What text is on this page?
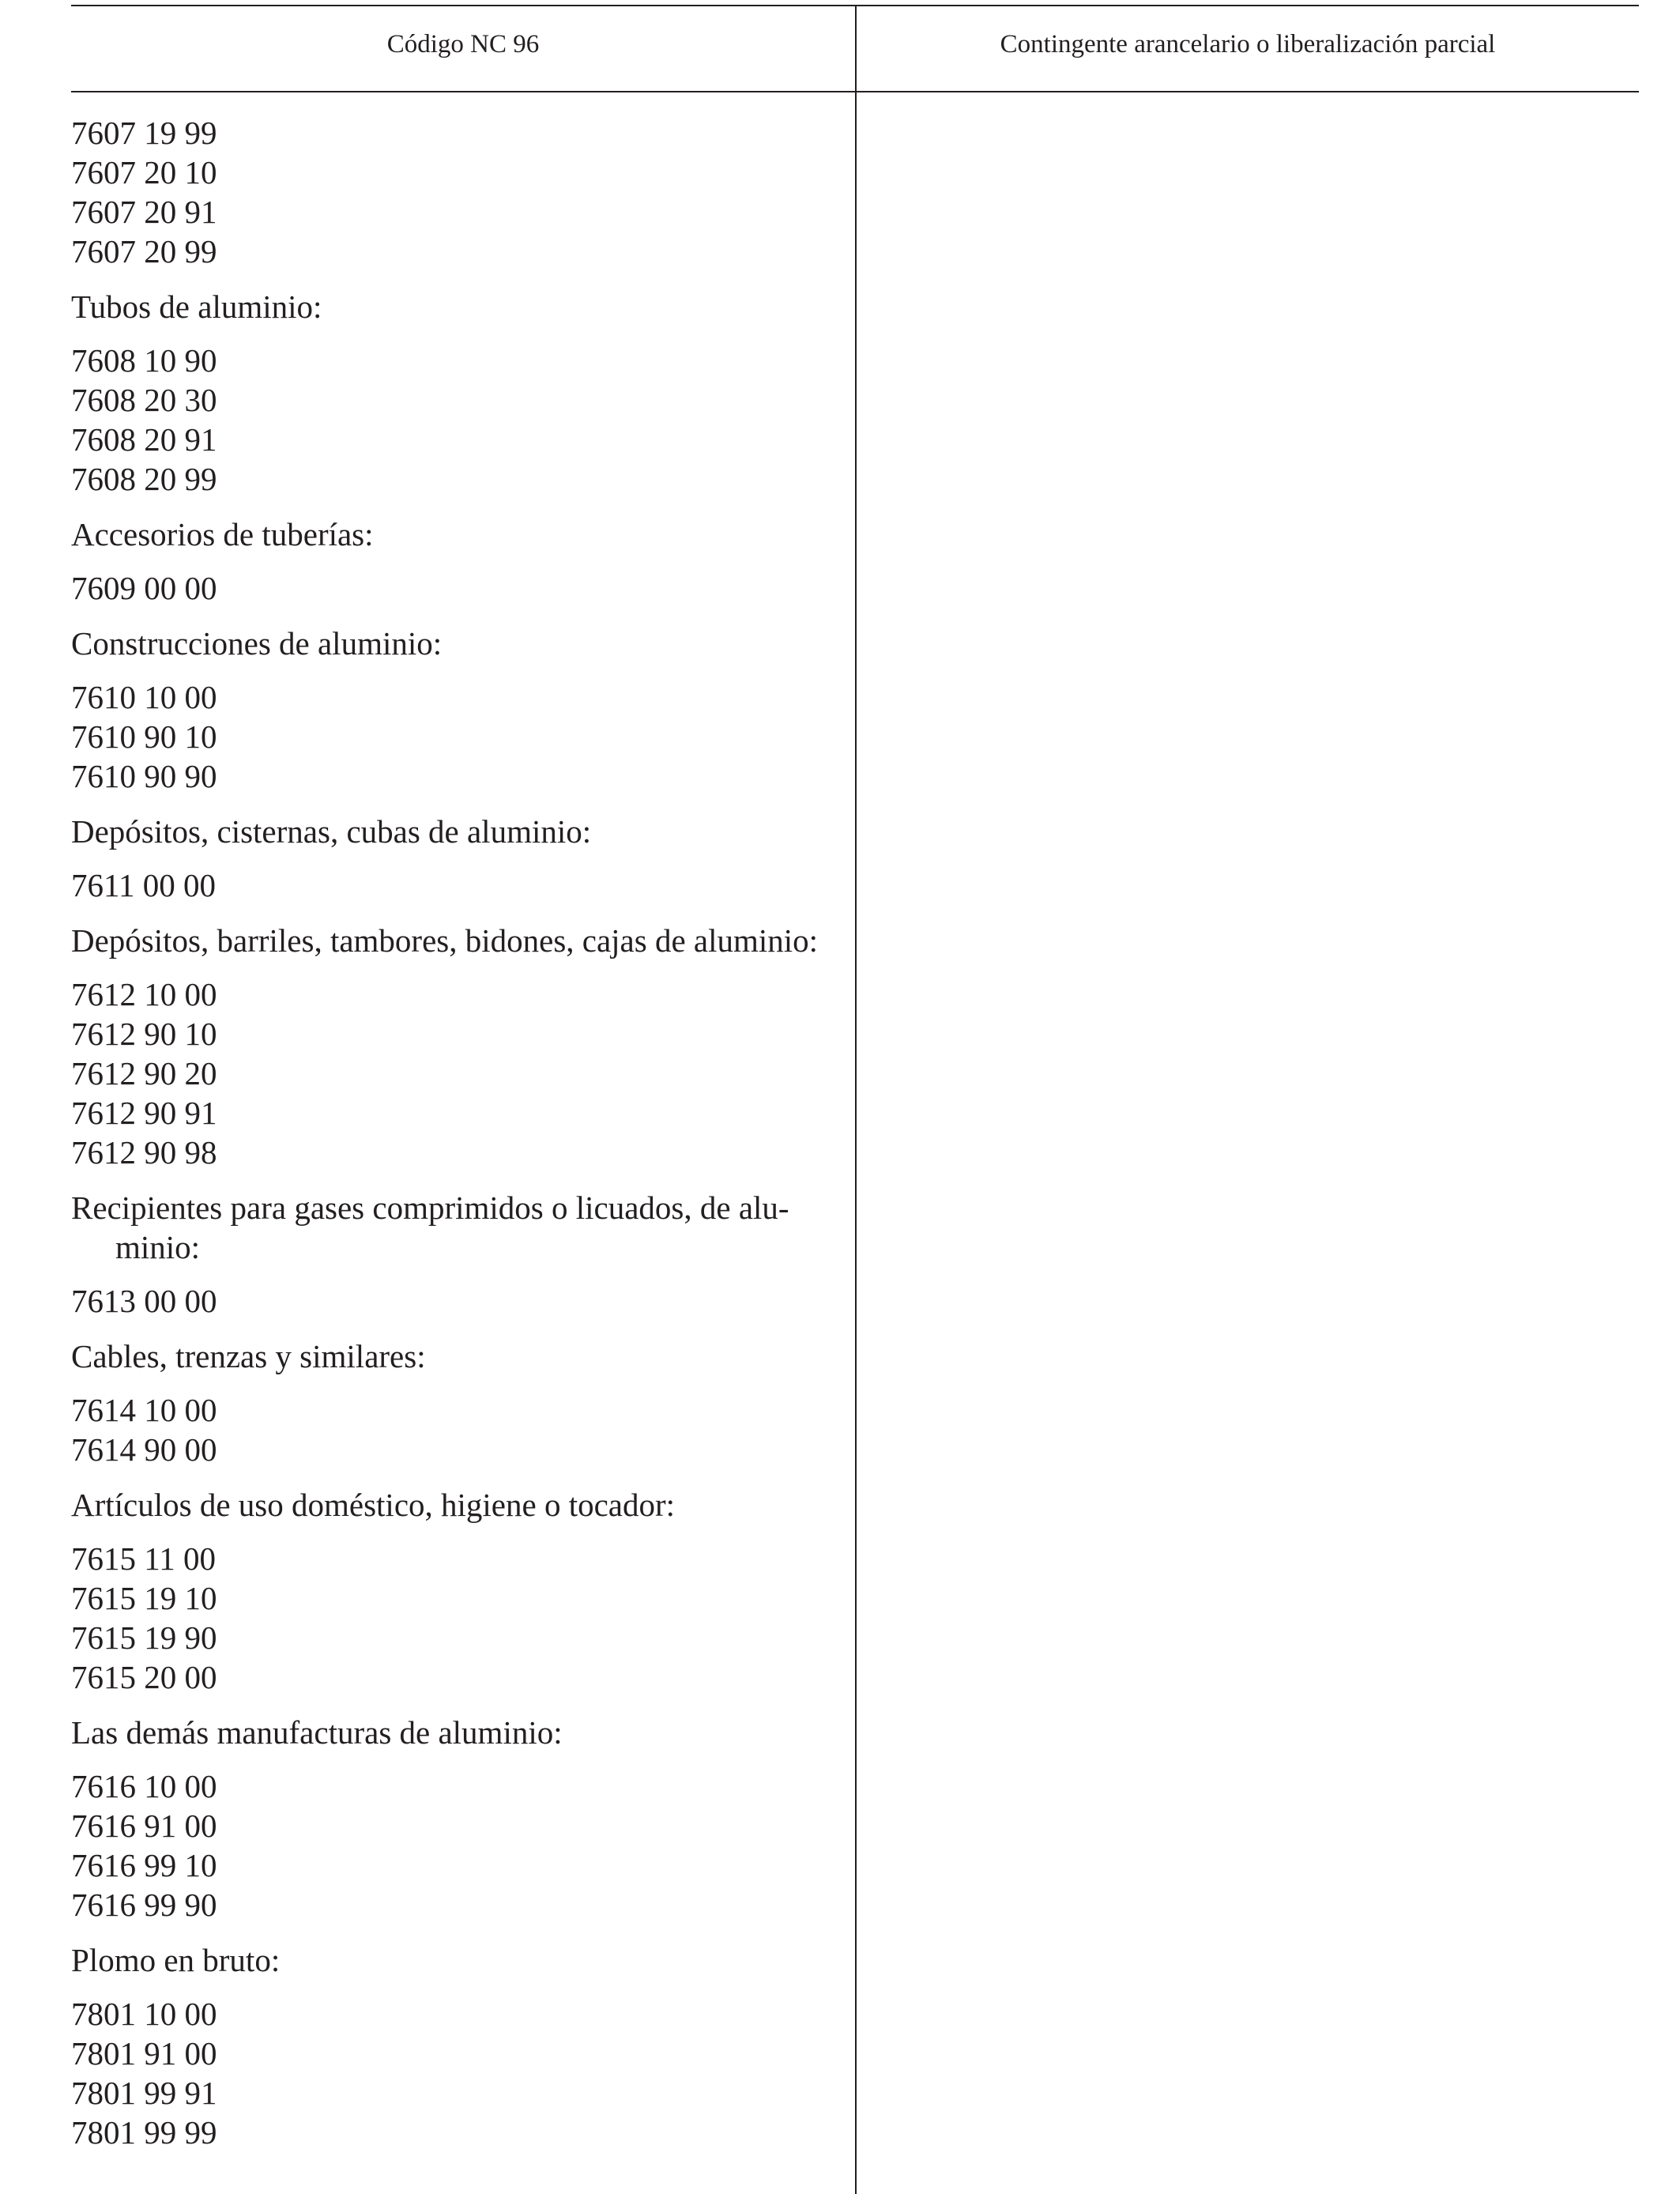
Código NC 96	Contingente arancelario o liberalización parcial
7607 19 99
7607 20 10
7607 20 91
7607 20 99
Tubos de aluminio:
7608 10 90
7608 20 30
7608 20 91
7608 20 99
Accesorios de tuberías:
7609 00 00
Construcciones de aluminio:
7610 10 00
7610 90 10
7610 90 90
Depósitos, cisternas, cubas de aluminio:
7611 00 00
Depósitos, barriles, tambores, bidones, cajas de aluminio:
7612 10 00
7612 90 10
7612 90 20
7612 90 91
7612 90 98
Recipientes para gases comprimidos o licuados, de aluminio:
7613 00 00
Cables, trenzas y similares:
7614 10 00
7614 90 00
Artículos de uso doméstico, higiene o tocador:
7615 11 00
7615 19 10
7615 19 90
7615 20 00
Las demás manufacturas de aluminio:
7616 10 00
7616 91 00
7616 99 10
7616 99 90
Plomo en bruto:
7801 10 00
7801 91 00
7801 99 91
7801 99 99
